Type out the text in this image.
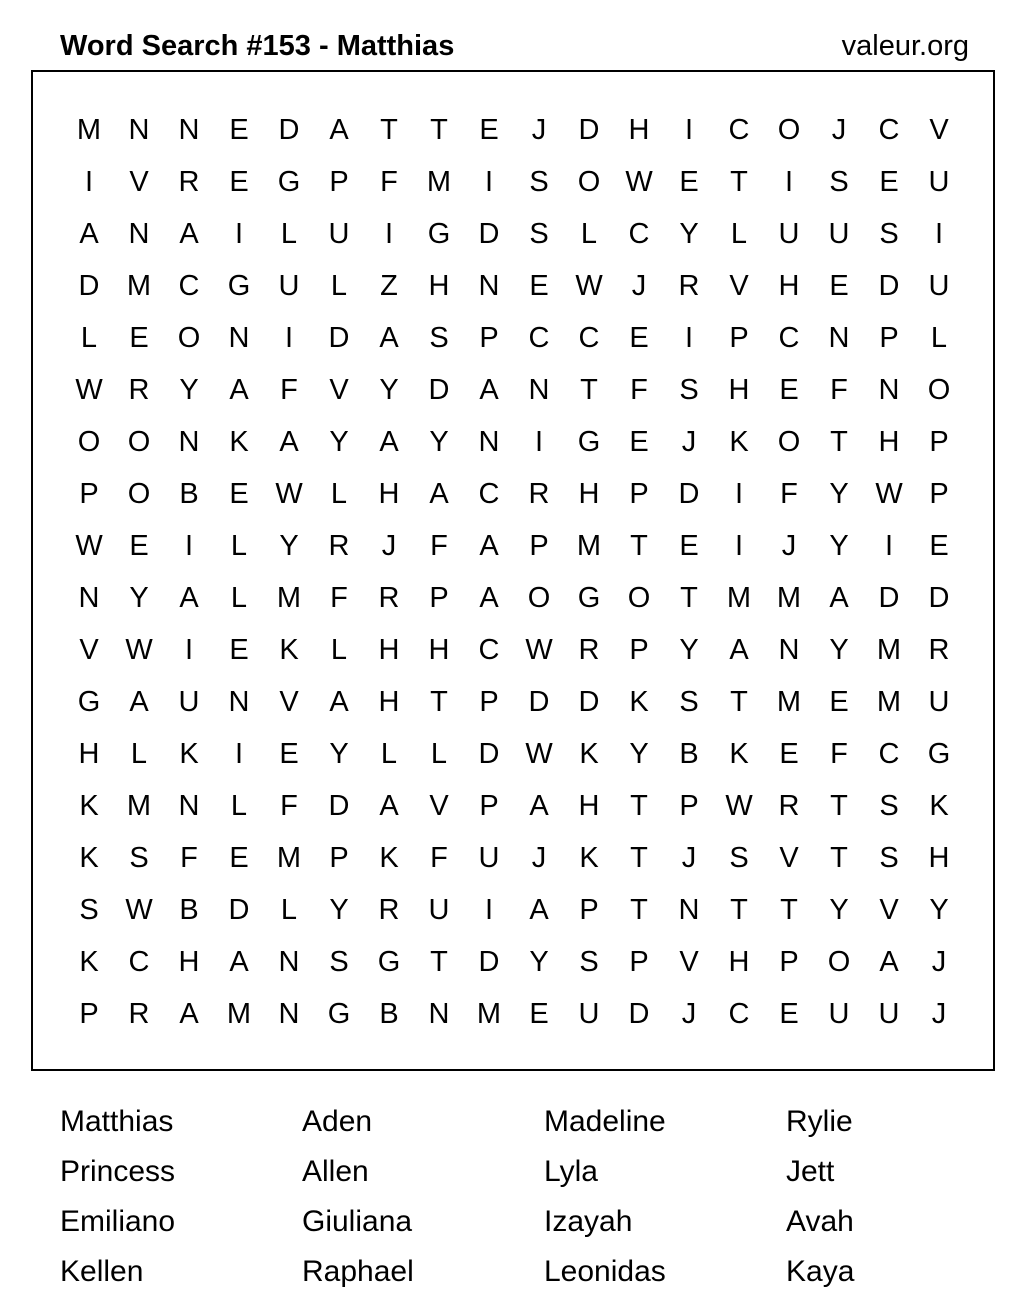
Word Search #153 - Matthias	valeur.org
M N	N	E	D	A	T	T	E	J	D	H	I	C O	J	C	V
I	V	R	E	G	P	F	M	I	S	O W E	T	I	S	E	U
A	N	A	I	L	U	I	G D	S	L	C	Y	L	U	U	S	I
D M C G U	L	Z	H	N	E W	J	R	V	H	E	D	U
L	E	O N	I	D	A	S	P	C	C	E	I	P	C	N	P	L
W R	Y	A	F	V	Y	D	A	N	T	F	S	H	E	F	N O
O O N	K	A	Y	A	Y	N	I	G	E	J	K	O	T	H	P
P	O	B	E W L	H	A	C	R	H	P	D	I	F	Y W P
W E	I	L	Y	R	J	F	A	P M	T	E	I	J	Y	I	E
N	Y	A	L	M	F	R	P	A	O G O	T	M M A	D	D
V W	I	E	K	L	H	H	C W R	P	Y	A	N	Y M R
G	A	U	N	V	A	H	T	P	D	D	K	S	T	M E M U
H	L	K	I	E	Y	L	L	D W K	Y	B	K	E	F	C G
K M N	L	F	D	A	V	P	A	H	T	P W R	T	S	K
K	S	F	E M P	K	F	U	J	K	T	J	S	V	T	S	H
S W B	D	L	Y	R	U	I	A	P	T	N	T	T	Y	V	Y
K	C	H	A	N	S	G	T	D	Y	S	P	V	H	P	O	A	J
P	R	A M N G	B	N M E	U	D	J	C	E	U	U	J
Matthias	Aden	Madeline	Rylie
Princess	Allen	Lyla	Jett
Emiliano	Giuliana	Izayah	Avah
Kellen	Raphael	Leonidas	Kaya
